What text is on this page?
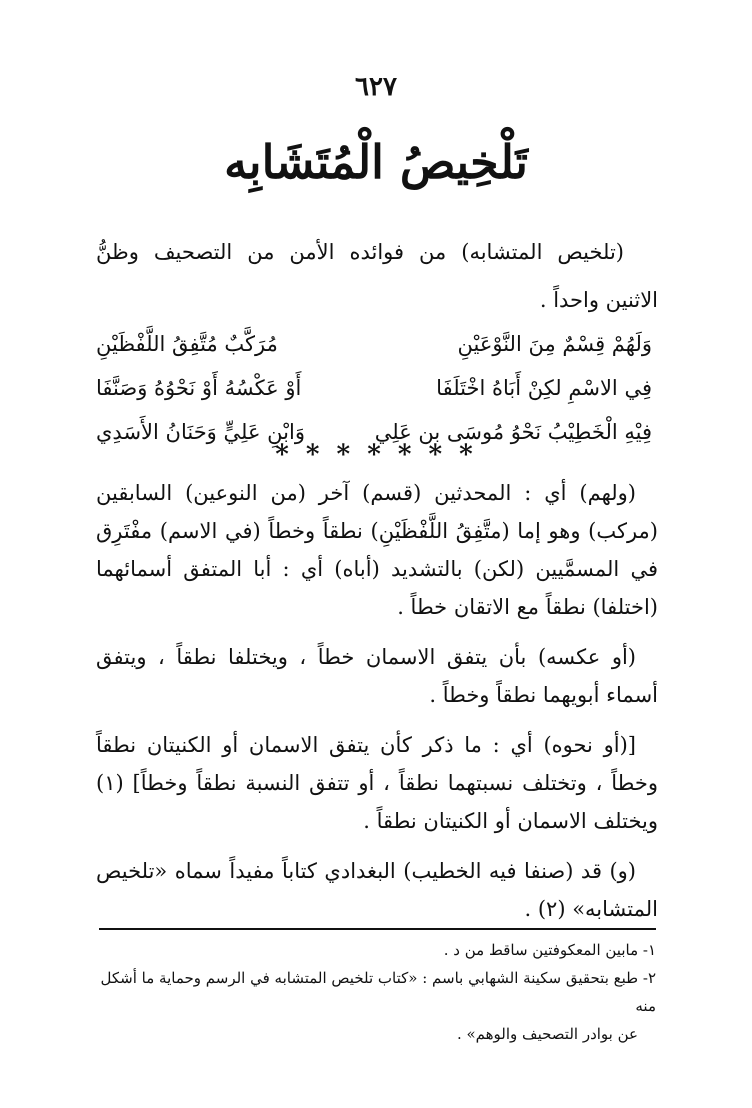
٦٢٧
تَلْخِيصُ الْمُتَشَابِه

(تلخيص المتشابه) من فوائده الأمن من التصحيف وظنُّ الاثنين واحداً .

وَلَهُمْ قِسْمٌ مِنَ النَّوْعَيْنِ
مُرَكَّبٌ مُتَّفِقُ اللَّفْظَيْنِ
فِي الاسْمِ لكِنْ أَبَاهُ اخْتَلَفَا
أَوْ عَكْسُهُ أَوْ نَحْوُهُ وَصَنَّفَا
فِيْهِ الْخَطِيْبُ نَحْوُ مُوسَى بن عَلِي
وَابْنِ عَلِيٍّ وَحَنَانُ الأَسَدِي
* * * * * * *

(ولهم) أي : المحدثين (قسم) آخر (من النوعين) السابقين (مركب) وهو إما (متَّفِقُ اللَّفْظَيْنِ) نطقاً وخطاً (في الاسم) مفْتَرِق في المسمَّيين (لكن) بالتشديد (أباه) أي : أبا المتفق أسمائهما (اختلفا) نطقاً مع الاتقان خطاً .

(أو عكسه) بأن يتفق الاسمان خطاً ، ويختلفا نطقاً ، ويتفق أسماء أبويهما نطقاً وخطاً .

[(أو نحوه) أي : ما ذكر كأن يتفق الاسمان أو الكنيتان نطقاً وخطاً ، وتختلف نسبتهما نطقاً ، أو تتفق النسبة نطقاً وخطاً] (١) ويختلف الاسمان أو الكنيتان نطقاً .

(و) قد (صنفا فيه الخطيب) البغدادي كتاباً مفيداً سماه «تلخيص المتشابه» (٢) .

١- مابين المعكوفتين ساقط من د .

٢- طبع بتحقيق سكينة الشهابي باسم : «كتاب تلخيص المتشابه في الرسم وحماية ما أشكل منه

عن بوادر التصحيف والوهم» .
